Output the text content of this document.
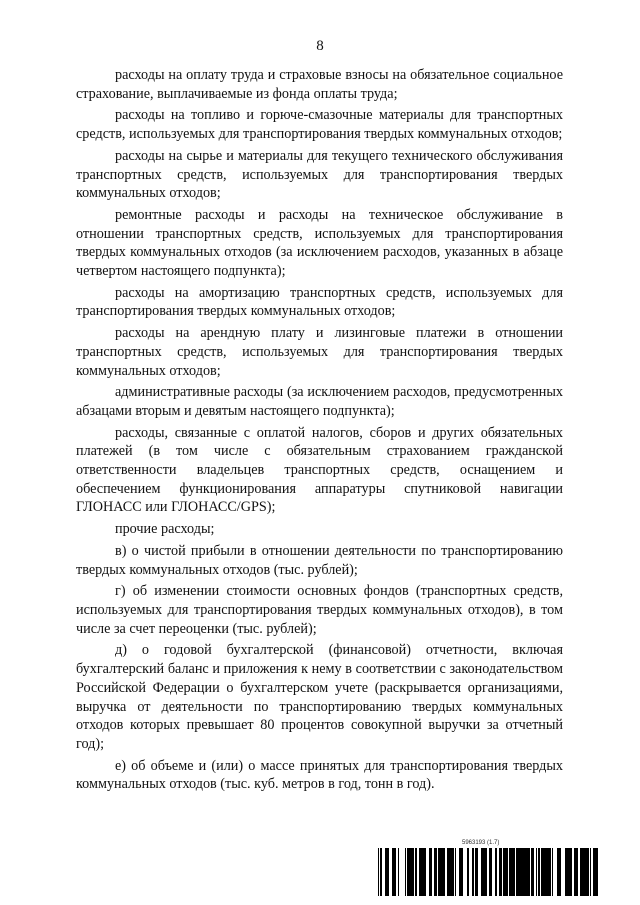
8

расходы на оплату труда и страховые взносы на обязательное социальное страхование, выплачиваемые из фонда оплаты труда;

расходы на топливо и горюче-смазочные материалы для транспортных средств, используемых для транспортирования твердых коммунальных отходов;

расходы на сырье и материалы для текущего технического обслуживания транспортных средств, используемых для транспортирования твердых коммунальных отходов;

ремонтные расходы и расходы на техническое обслуживание в отношении транспортных средств, используемых для транспортирования твердых коммунальных отходов (за исключением расходов, указанных в абзаце четвертом настоящего подпункта);

расходы на амортизацию транспортных средств, используемых для транспортирования твердых коммунальных отходов;

расходы на арендную плату и лизинговые платежи в отношении транспортных средств, используемых для транспортирования твердых коммунальных отходов;

административные расходы (за исключением расходов, предусмотренных абзацами вторым и девятым настоящего подпункта);

расходы, связанные с оплатой налогов, сборов и других обязательных платежей (в том числе с обязательным страхованием гражданской ответственности владельцев транспортных средств, оснащением и обеспечением функционирования аппаратуры спутниковой навигации ГЛОНАСС или ГЛОНАСС/GPS);

прочие расходы;

в) о чистой прибыли в отношении деятельности по транспортированию твердых коммунальных отходов (тыс. рублей);

г) об изменении стоимости основных фондов (транспортных средств, используемых для транспортирования твердых коммунальных отходов), в том числе за счет переоценки (тыс. рублей);

д) о годовой бухгалтерской (финансовой) отчетности, включая бухгалтерский баланс и приложения к нему в соответствии с законодательством Российской Федерации о бухгалтерском учете (раскрывается организациями, выручка от деятельности по транспортированию твердых коммунальных отходов которых превышает 80 процентов совокупной выручки за отчетный год);

е) об объеме и (или) о массе принятых для транспортирования твердых коммунальных отходов (тыс. куб. метров в год, тонн в год).

5963193 (1.7)
